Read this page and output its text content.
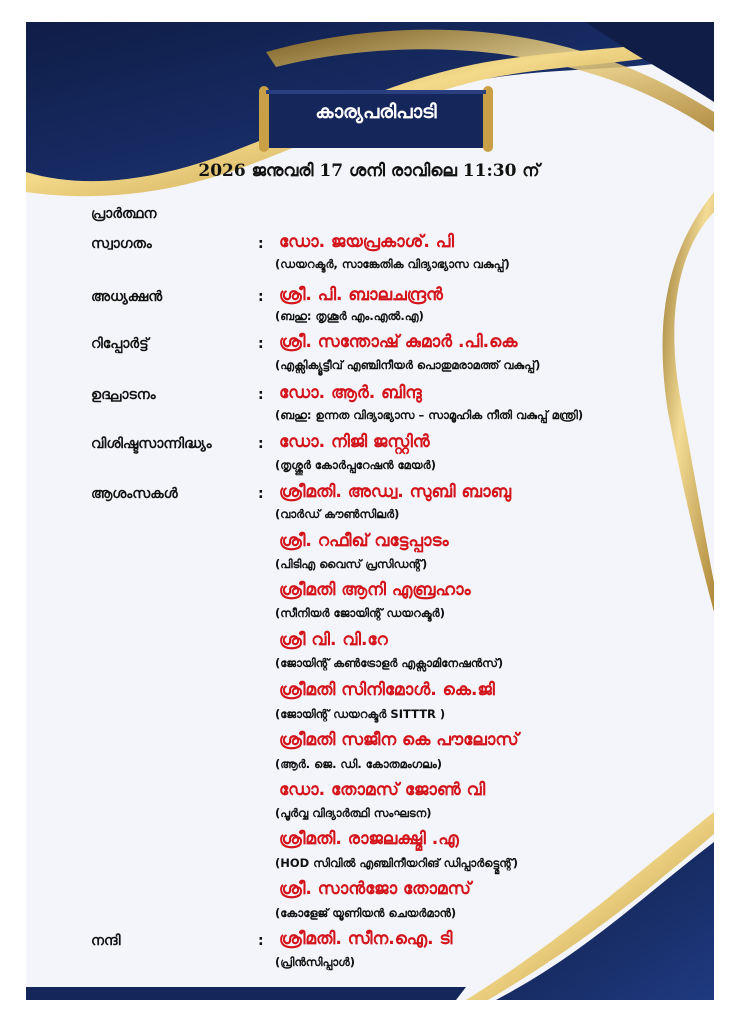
കാര്യപരിപാടി
2026 ജനുവരി 17 ശനി രാവിലെ 11:30 ന്
പ്രാർത്ഥന
സ്വാഗതം	: ഡോ. ജയപ്രകാശ്. പി
(ഡയറക്ടർ, സാങ്കേതിക വിദ്യാഭ്യാസ വകുപ്പ്)
അധ്യക്ഷൻ	: ശ്രീ. പി. ബാലചന്ദ്രൻ
(ബഹു: തൃശൂർ എം.എൽ.എ)
റിപ്പോർട്ട്	: ശ്രീ. സന്തോഷ് കുമാർ .പി.കെ
(എക്സിക്യൂട്ടീവ് എഞ്ചിനീയർ പൊതുമരാമത്ത് വകുപ്പ്)
ഉദ്ഘാടനം	: ഡോ. ആർ. ബിന്ദു
(ബഹു: ഉന്നത വിദ്യാഭ്യാസ – സാമൂഹിക നീതി വകുപ്പ് മന്ത്രി)
വിശിഷ്ടസാന്നിദ്ധ്യം	: ഡോ. നിജി ജസ്റ്റിൻ
(തൃശ്ശൂർ കോർപ്പറേഷൻ മേയർ)
ആശംസകൾ	: ശ്രീമതി. അഡ്വ. സുബി ബാബു
(വാർഡ് കൗൺസിലർ)
ശ്രീ. റഫീഖ് വട്ടേപ്പാടം
(പിടിഎ വൈസ് പ്രസിഡന്റ്)
ശ്രീമതി ആനി എബ്രഹാം
(സീനിയർ ജോയിന്റ് ഡയറക്ടർ)
ശ്രീ വി. വി.റേ
(ജോയിന്റ് കൺട്രോളർ എക്സാമിനേഷൻസ്)
ശ്രീമതി സിനിമോൾ. കെ.ജി
(ജോയിന്റ് ഡയറക്ടർ SITTTR )
ശ്രീമതി സജീന കെ പൗലോസ്
(ആർ. ജെ. ഡി. കോതമംഗലം)
ഡോ. തോമസ് ജോൺ വി
(പൂർവ്വ വിദ്യാർത്ഥി സംഘടന)
ശ്രീമതി. രാജലക്ഷ്മി .എ
(HOD സിവിൽ എഞ്ചിനീയറിങ് ഡിപ്പാർട്ട്മെന്റ്)
ശ്രീ. സാൻജോ തോമസ്
(കോളേജ് യൂണിയൻ ചെയർമാൻ)
നന്ദി	: ശ്രീമതി. സീന.ഐ. ടി
(പ്രിൻസിപ്പാൾ)
